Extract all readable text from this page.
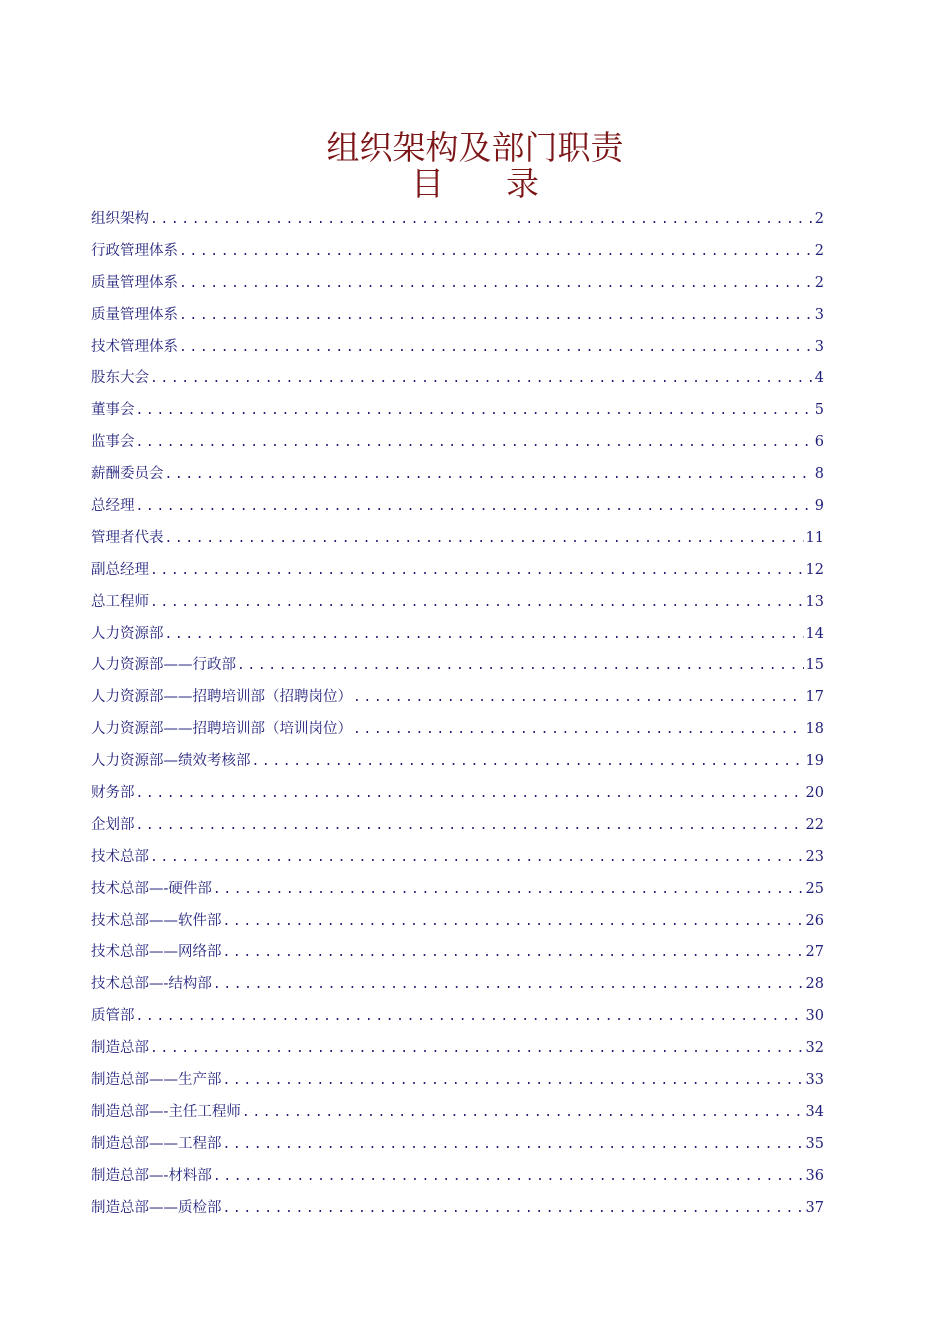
组织架构及部门职责
目 录
组织架构 .....	2
行政管理体系 .....	2
质量管理体系 .....	2
质量管理体系 .....	3
技术管理体系 .....	3
股东大会 .....	4
董事会 .....	5
监事会 .....	6
薪酬委员会 .....	8
总经理 .....	9
管理者代表 .....	11
副总经理 .....	12
总工程师 .....	13
人力资源部 .....	14
人力资源部——行政部 .....	15
人力资源部——招聘培训部（招聘岗位） .....	17
人力资源部——招聘培训部（培训岗位） .....	18
人力资源部—绩效考核部 .....	19
财务部 .....	20
企划部 .....	22
技术总部 .....	23
技术总部—-硬件部 .....	25
技术总部——软件部 .....	26
技术总部——网络部 .....	27
技术总部—-结构部 .....	28
质管部 .....	30
制造总部 .....	32
制造总部——生产部 .....	33
制造总部—-主任工程师 .....	34
制造总部——工程部 .....	35
制造总部—-材料部 .....	36
制造总部——质检部 .....	37
